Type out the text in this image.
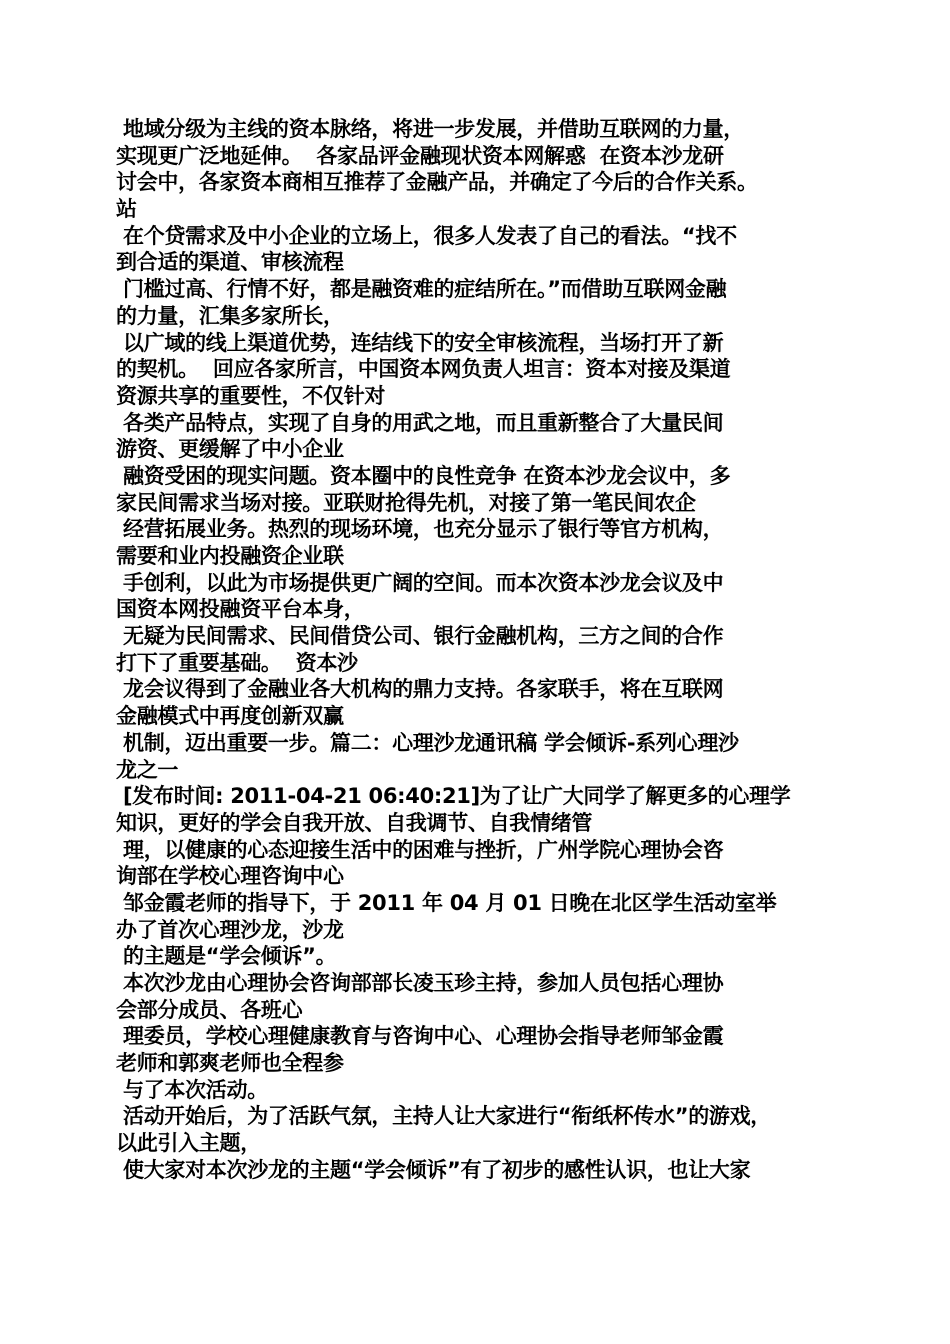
地域分级为主线的资本脉络，将进一步发展，并借助互联网的力量，
实现更广泛地延伸。  各家品评金融现状资本网解惑  在资本沙龙研
讨会中，各家资本商相互推荐了金融产品，并确定了今后的合作关系。
站
在个贷需求及中小企业的立场上，很多人发表了自己的看法。“找不
到合适的渠道、审核流程
门槛过高、行情不好，都是融资难的症结所在。”而借助互联网金融
的力量，汇集多家所长，
以广域的线上渠道优势，连结线下的安全审核流程，当场打开了新
的契机。  回应各家所言，中国资本网负责人坦言：资本对接及渠道
资源共享的重要性，不仅针对
各类产品特点，实现了自身的用武之地，而且重新整合了大量民间
游资、更缓解了中小企业
融资受困的现实问题。资本圈中的良性竞争 在资本沙龙会议中，多
家民间需求当场对接。亚联财抢得先机，对接了第一笔民间农企
经营拓展业务。热烈的现场环境，也充分显示了银行等官方机构，
需要和业内投融资企业联
手创利，以此为市场提供更广阔的空间。而本次资本沙龙会议及中
国资本网投融资平台本身，
无疑为民间需求、民间借贷公司、银行金融机构，三方之间的合作
打下了重要基础。  资本沙
龙会议得到了金融业各大机构的鼎力支持。各家联手，将在互联网
金融模式中再度创新双赢
机制，迈出重要一步。篇二：心理沙龙通讯稿 学会倾诉-系列心理沙
龙之一
[发布时间: 2011-04-21 06:40:21]为了让广大同学了解更多的心理学
知识，更好的学会自我开放、自我调节、自我情绪管
理，以健康的心态迎接生活中的困难与挫折，广州学院心理协会咨
询部在学校心理咨询中心
邹金霞老师的指导下，于 2011 年 04 月 01 日晚在北区学生活动室举
办了首次心理沙龙，沙龙
的主题是“学会倾诉”。
本次沙龙由心理协会咨询部部长凌玉珍主持，参加人员包括心理协
会部分成员、各班心
理委员，学校心理健康教育与咨询中心、心理协会指导老师邹金霞
老师和郭爽老师也全程参
与了本次活动。
活动开始后，为了活跃气氛，主持人让大家进行“衔纸杯传水”的游戏，
以此引入主题，
使大家对本次沙龙的主题“学会倾诉”有了初步的感性认识，也让大家
